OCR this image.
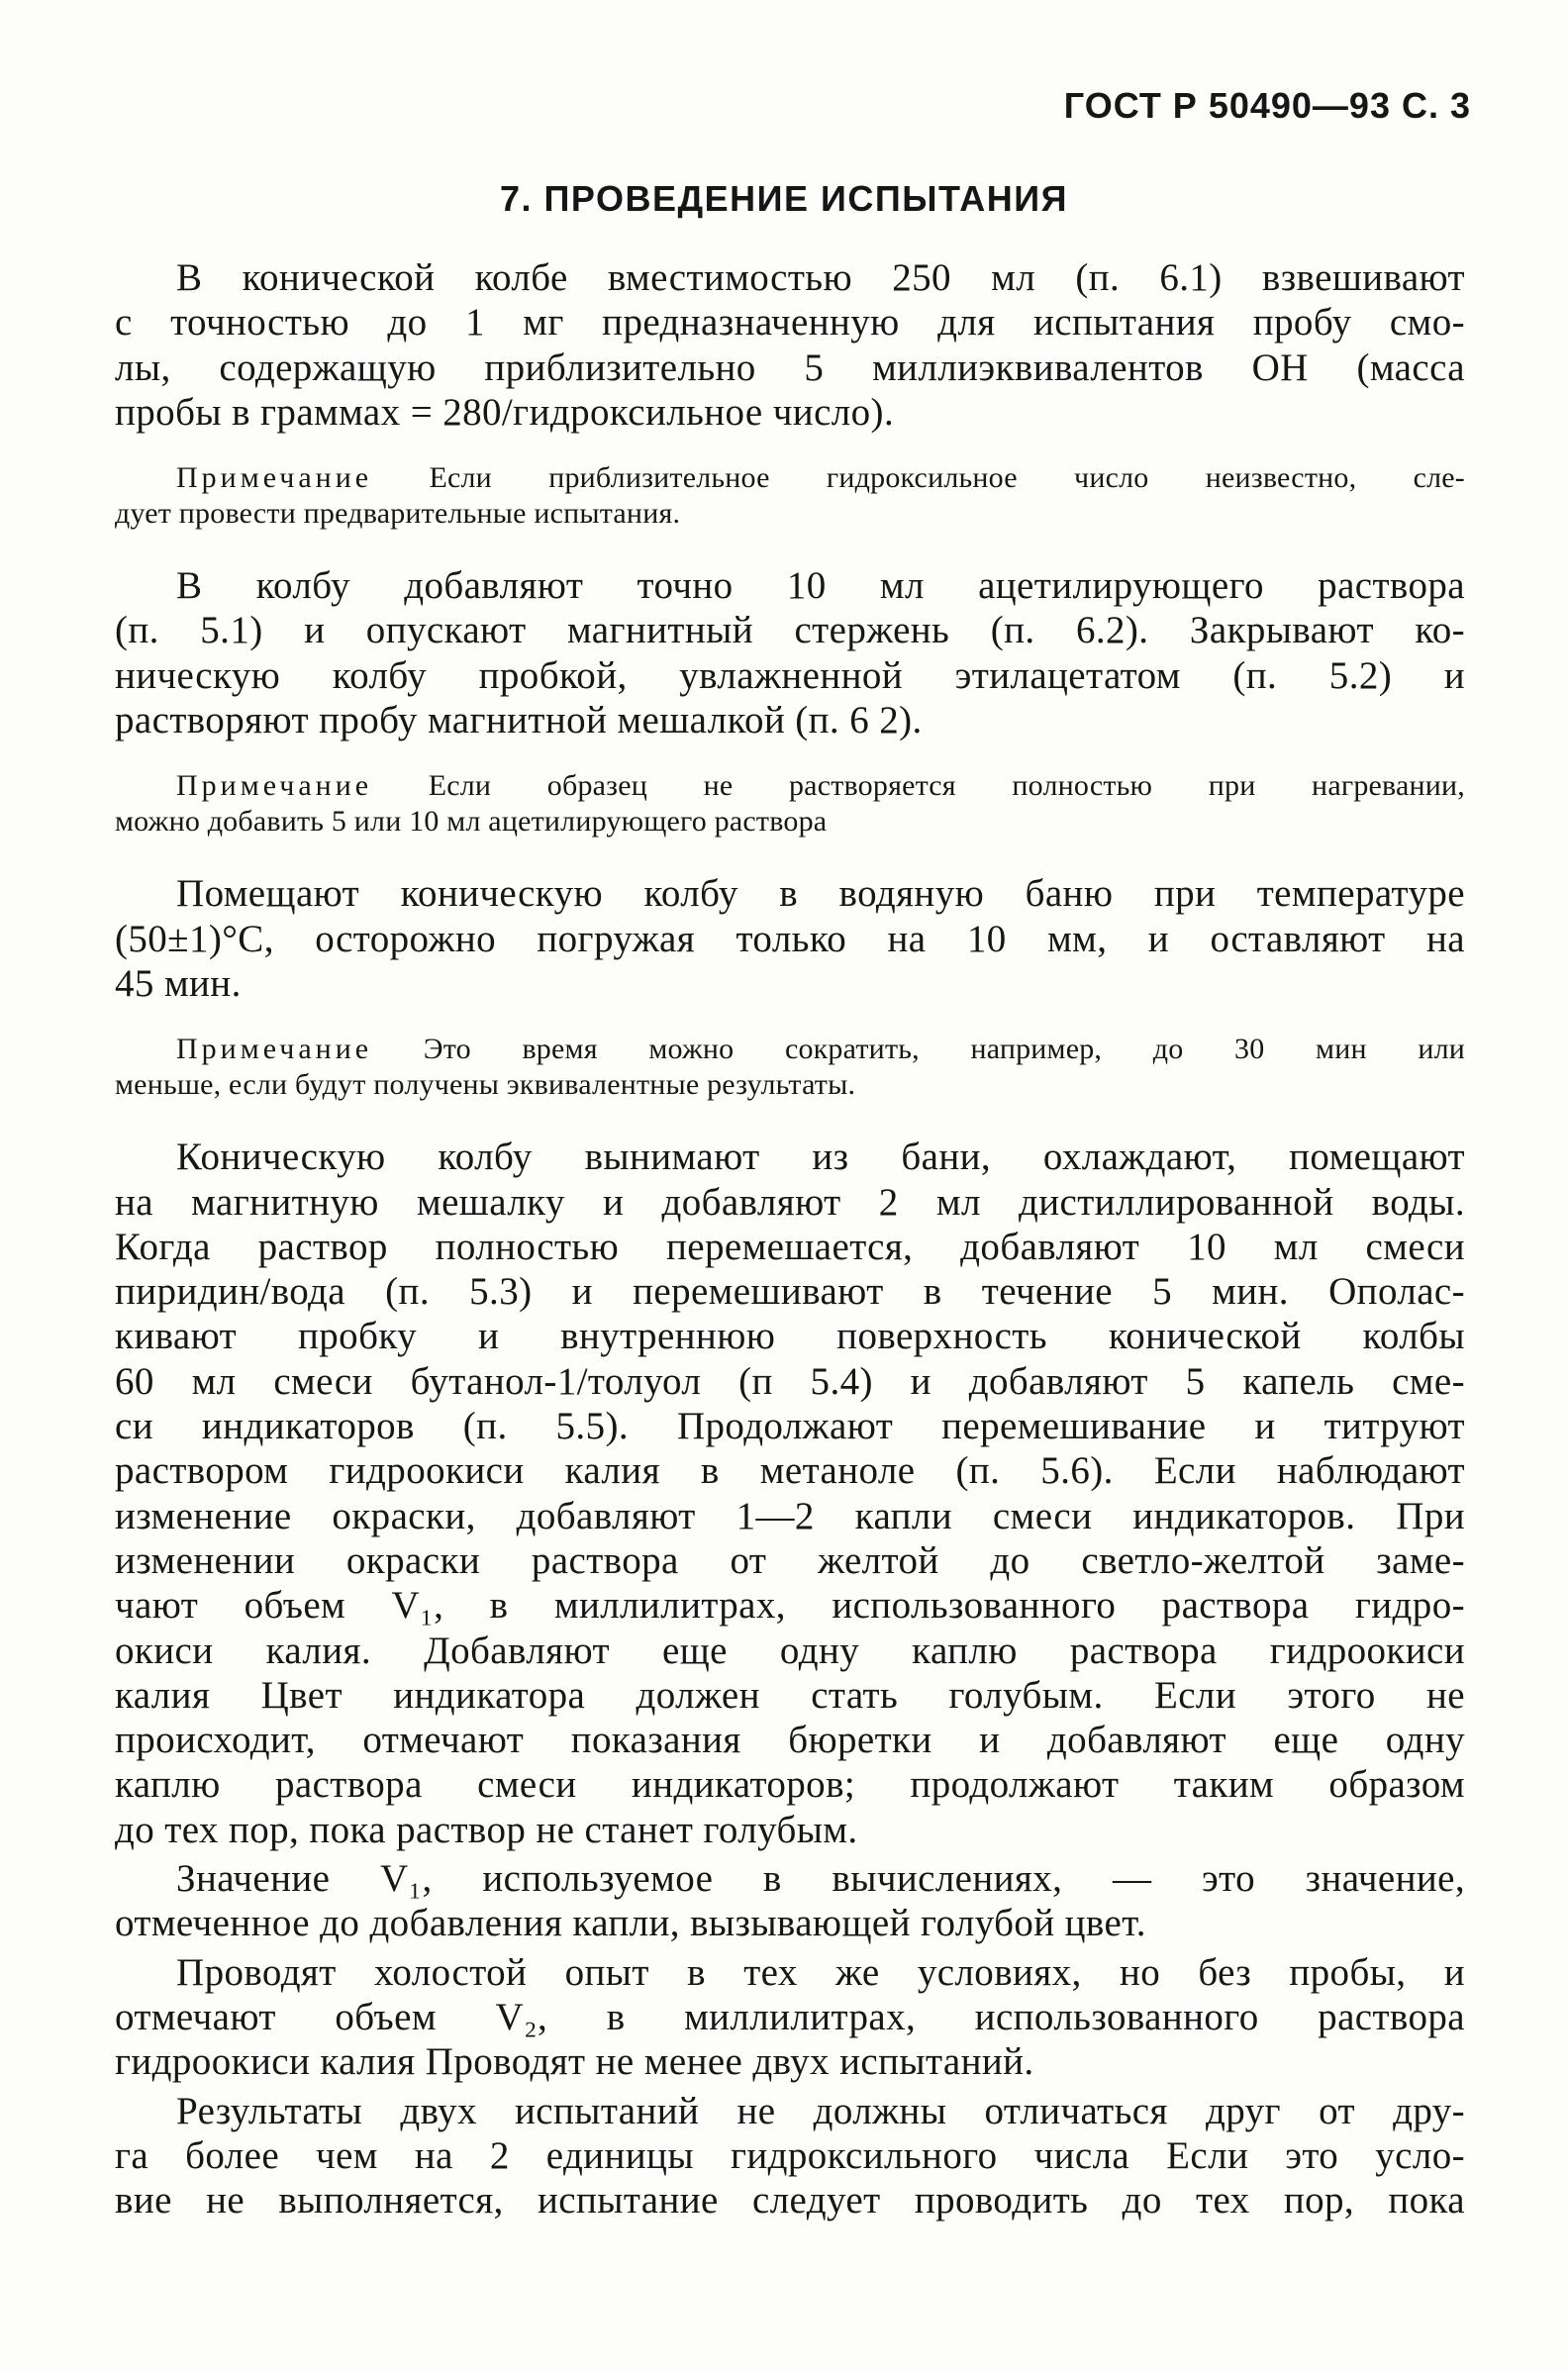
ГОСТ Р 50490—93 С. 3
7. ПРОВЕДЕНИЕ ИСПЫТАНИЯ
В конической колбе вместимостью 250 мл (п. 6.1) взвешивают
с точностью до 1 мг предназначенную для испытания пробу смо-
лы, содержащую приблизительно 5 миллиэквивалентов ОН (масса
пробы в граммах = 280/гидроксильное число).
Примечание Если приблизительное гидроксильное число неизвестно, сле-
дует провести предварительные испытания.
В колбу добавляют точно 10 мл ацетилирующего раствора
(п. 5.1) и опускают магнитный стержень (п. 6.2). Закрывают ко-
ническую колбу пробкой, увлажненной этилацетатом (п. 5.2) и
растворяют пробу магнитной мешалкой (п. 6 2).
Примечание Если образец не растворяется полностью при нагревании,
можно добавить 5 или 10 мл ацетилирующего раствора
Помещают коническую колбу в водяную баню при температуре
(50±1)°С, осторожно погружая только на 10 мм, и оставляют на
45 мин.
Примечание Это время можно сократить, например, до 30 мин или
меньше, если будут получены эквивалентные результаты.
Коническую колбу вынимают из бани, охлаждают, помещают
на магнитную мешалку и добавляют 2 мл дистиллированной воды.
Когда раствор полностью перемешается, добавляют 10 мл смеси
пиридин/вода (п. 5.3) и перемешивают в течение 5 мин. Ополас-
кивают пробку и внутреннюю поверхность конической колбы
60 мл смеси бутанол-1/толуол (п 5.4) и добавляют 5 капель сме-
си индикаторов (п. 5.5). Продолжают перемешивание и титруют
раствором гидроокиси калия в метаноле (п. 5.6). Если наблюдают
изменение окраски, добавляют 1—2 капли смеси индикаторов. При
изменении окраски раствора от желтой до светло-желтой заме-
чают объем V₁, в миллилитрах, использованного раствора гидро-
окиси калия. Добавляют еще одну каплю раствора гидроокиси
калия Цвет индикатора должен стать голубым. Если этого не
происходит, отмечают показания бюретки и добавляют еще одну
каплю раствора смеси индикаторов; продолжают таким образом
до тех пор, пока раствор не станет голубым.
Значение V₁, используемое в вычислениях, — это значение,
отмеченное до добавления капли, вызывающей голубой цвет.
Проводят холостой опыт в тех же условиях, но без пробы, и
отмечают объем V₂, в миллилитрах, использованного раствора
гидроокиси калия Проводят не менее двух испытаний.
Результаты двух испытаний не должны отличаться друг от дру-
га более чем на 2 единицы гидроксильного числа Если это усло-
вие не выполняется, испытание следует проводить до тех пор, пока
